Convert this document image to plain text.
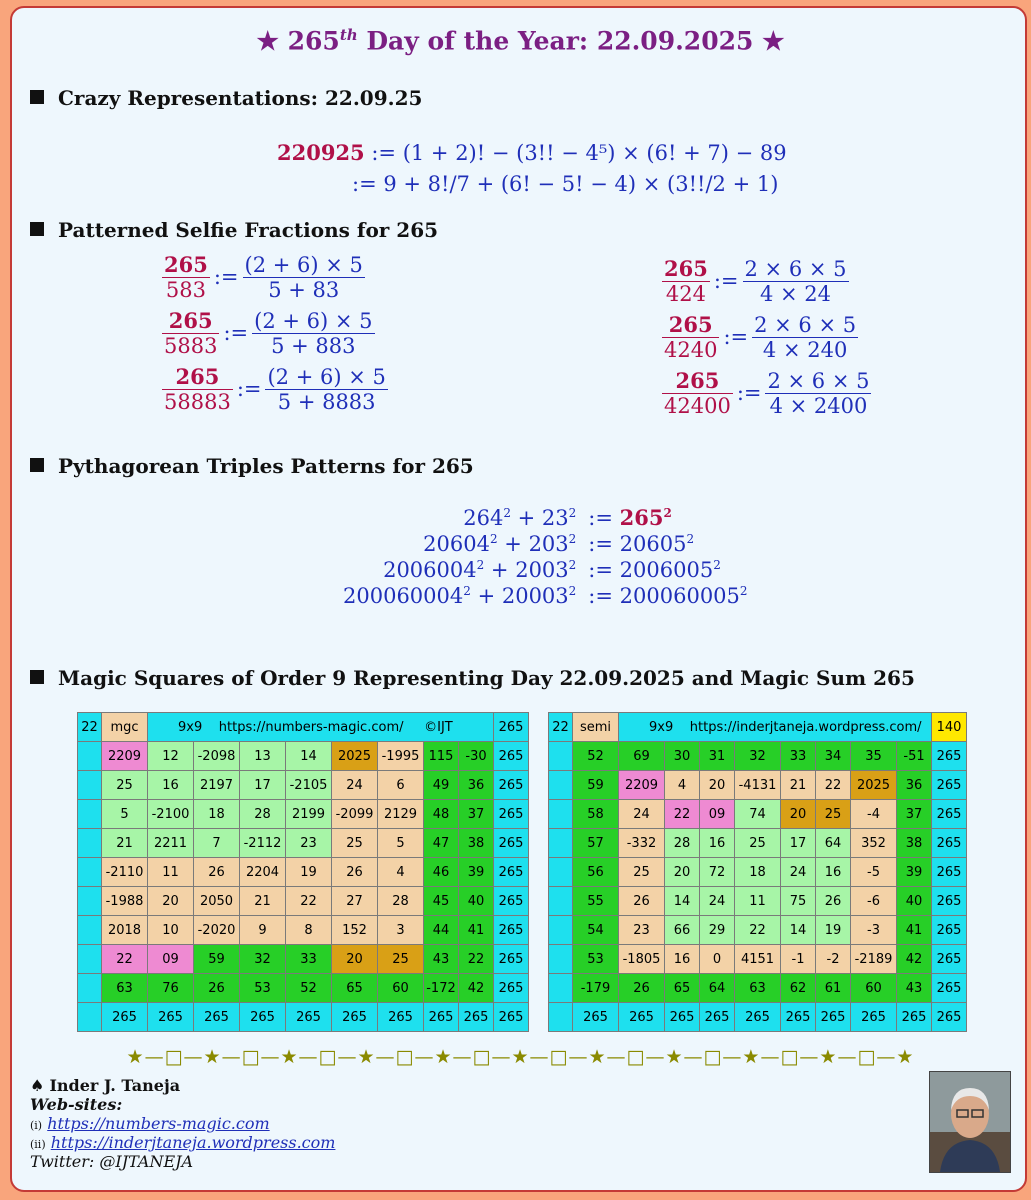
★ 265th Day of the Year: 22.09.2025 ★
Crazy Representations: 22.09.25
220925 := (1 + 2)! − (3!! − 4⁵) × (6! + 7) − 89
:= 9 + 8!/7 + (6! − 5! − 4) × (3!!/2 + 1)
Patterned Selfie Fractions for 265
$\frac{265}{583}$ := $\frac{(2 + 6) \times 5}{5 + 83}$
$\frac{265}{5883}$ := $\frac{(2 + 6) \times 5}{5 + 883}$
$\frac{265}{58883}$ := $\frac{(2 + 6) \times 5}{5 + 8883}$
$\frac{265}{424}$ := $\frac{2 \times 6 \times 5}{4 \times 24}$
$\frac{265}{4240}$ := $\frac{2 \times 6 \times 5}{4 \times 240}$
$\frac{265}{42400}$ := $\frac{2 \times 6 \times 5}{4 \times 2400}$
Pythagorean Triples Patterns for 265
$264^2 + 23^2$	:= $265^2$
$20604^2 + 203^2$	:= $20605^2$
$2006004^2 + 2003^2$	:= $2006005^2$
$200060004^2 + 20003^2$	:= $200060005^2$
Magic Squares of Order 9 Representing Day 22.09.2025 and Magic Sum 265
22	mgc	9x9    https://numbers-magic.com/     ©IJT								265
	2209	12	-2098	13	14	2025	-1995	115	-30	265
	25	16	2197	17	-2105	24	6	49	36	265
	5	-2100	18	28	2199	-2099	2129	48	37	265
	21	2211	7	-2112	23	25	5	47	38	265
	-2110	11	26	2204	19	26	4	46	39	265
	-1988	20	2050	21	22	27	28	45	40	265
	2018	10	-2020	9	8	152	3	44	41	265
	22	09	59	32	33	20	25	43	22	265
	63	76	26	53	52	65	60	-172	42	265
	265	265	265	265	265	265	265	265	265	265
22	semi	9x9    https://inderjtaneja.wordpress.com/								140
	52	69	30	31	32	33	34	35	-51	265
	59	2209	4	20	-4131	21	22	2025	36	265
	58	24	22	09	74	20	25	-4	37	265
	57	-332	28	16	25	17	64	352	38	265
	56	25	20	72	18	24	16	-5	39	265
	55	26	14	24	11	75	26	-6	40	265
	54	23	66	29	22	14	19	-3	41	265
	53	-1805	16	0	4151	-1	-2	-2189	42	265
	-179	26	65	64	63	62	61	60	43	265
	265	265	265	265	265	265	265	265	265	265
★—□—★—□—★—□—★—□—★—□—★—□—★—□—★—□—★—□—★—□—★
♠ Inder J. Taneja
Web-sites:
(i) https://numbers-magic.com
(ii) https://inderjtaneja.wordpress.com
Twitter: @IJTANEJA
